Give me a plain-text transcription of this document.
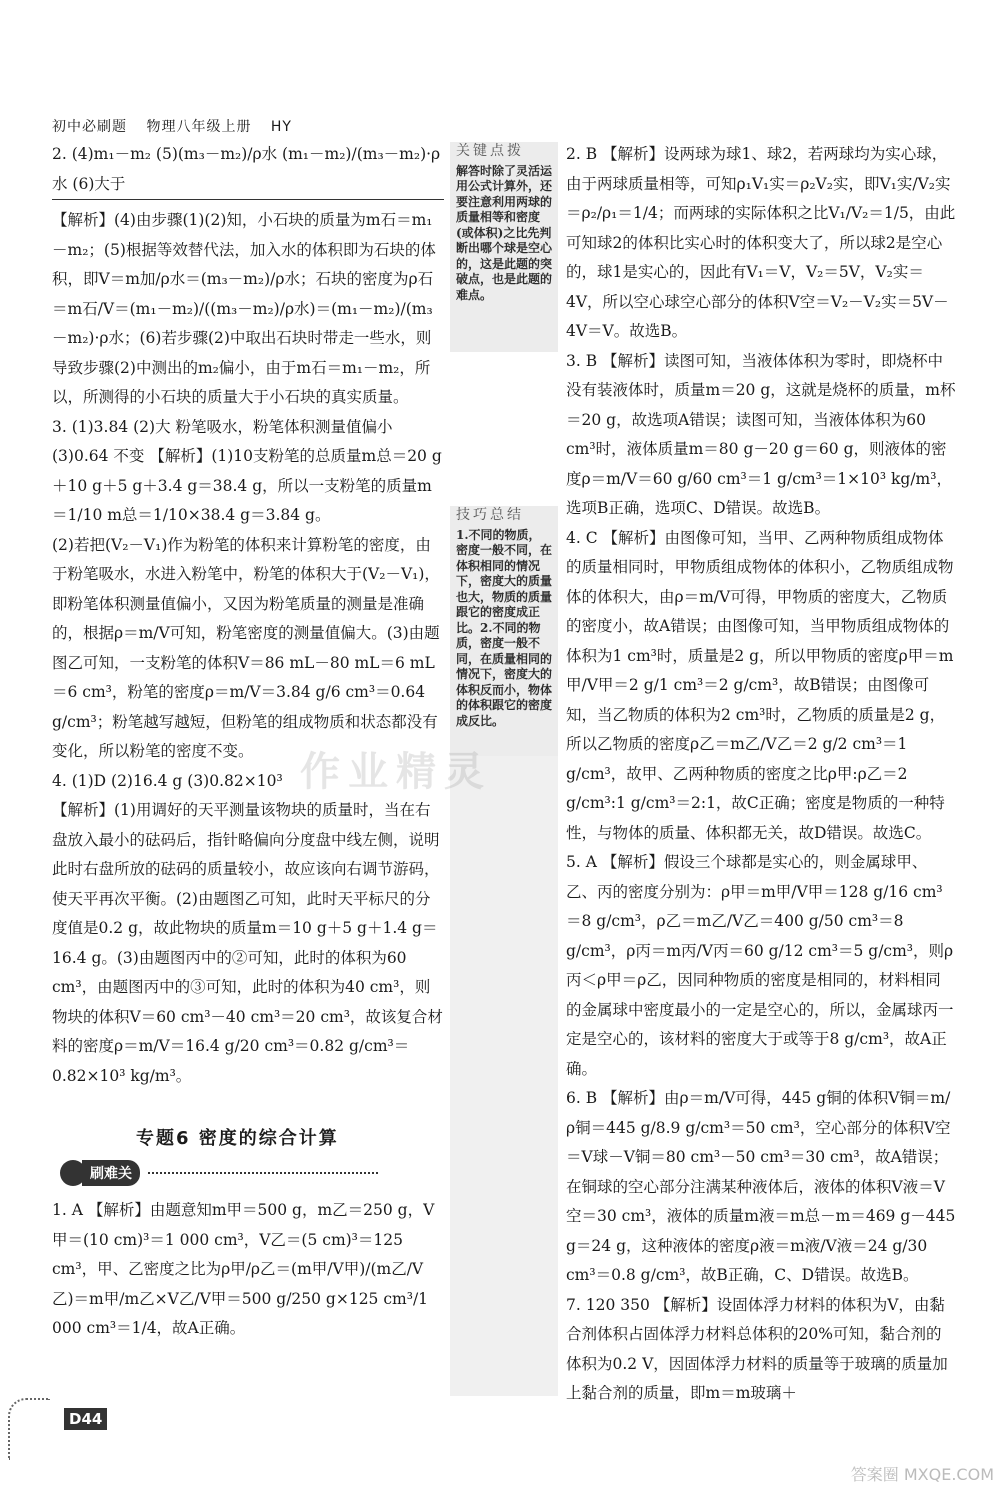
初中必刷题 物理八年级上册 HY

2. (4)m₁－m₂ (5)(m₃－m₂)/ρ水 (m₁－m₂)/(m₃－m₂)·ρ水 (6)大于

【解析】(4)由步骤(1)(2)知，小石块的质量为m石＝m₁－m₂；(5)根据等效替代法，加入水的体积即为石块的体积，即V＝m加/ρ水＝(m₃－m₂)/ρ水；石块的密度为ρ石＝m石/V＝(m₁－m₂)/((m₃－m₂)/ρ水)＝(m₁－m₂)/(m₃－m₂)·ρ水；(6)若步骤(2)中取出石块时带走一些水，则导致步骤(2)中测出的m₂偏小，由于m石＝m₁－m₂，所以，所测得的小石块的质量大于小石块的真实质量。

3. (1)3.84 (2)大 粉笔吸水，粉笔体积测量值偏小 (3)0.64 不变 【解析】(1)10支粉笔的总质量m总＝20 g＋10 g＋5 g＋3.4 g＝38.4 g，所以一支粉笔的质量m＝1/10 m总＝1/10×38.4 g＝3.84 g。

(2)若把(V₂－V₁)作为粉笔的体积来计算粉笔的密度，由于粉笔吸水，水进入粉笔中，粉笔的体积大于(V₂－V₁)，即粉笔体积测量值偏小，又因为粉笔质量的测量是准确的，根据ρ＝m/V可知，粉笔密度的测量值偏大。(3)由题图乙可知，一支粉笔的体积V＝86 mL－80 mL＝6 mL＝6 cm³，粉笔的密度ρ＝m/V＝3.84 g/6 cm³＝0.64 g/cm³；粉笔越写越短，但粉笔的组成物质和状态都没有变化，所以粉笔的密度不变。

4. (1)D (2)16.4 g (3)0.82×10³

【解析】(1)用调好的天平测量该物块的质量时，当在右盘放入最小的砝码后，指针略偏向分度盘中线左侧，说明此时右盘所放的砝码的质量较小，故应该向右调节游码，使天平再次平衡。(2)由题图乙可知，此时天平标尺的分度值是0.2 g，故此物块的质量m＝10 g＋5 g＋1.4 g＝16.4 g。(3)由题图丙中的②可知，此时的体积为60 cm³，由题图丙中的③可知，此时的体积为40 cm³，则物块的体积V＝60 cm³－40 cm³＝20 cm³，故该复合材料的密度ρ＝m/V＝16.4 g/20 cm³＝0.82 g/cm³＝0.82×10³ kg/m³。

专题6 密度的综合计算
刷难关

1. A 【解析】由题意知m甲＝500 g，m乙＝250 g，V甲＝(10 cm)³＝1 000 cm³，V乙＝(5 cm)³＝125 cm³，甲、乙密度之比为ρ甲/ρ乙＝(m甲/V甲)/(m乙/V乙)＝m甲/m乙×V乙/V甲＝500 g/250 g×125 cm³/1 000 cm³＝1/4，故A正确。

关键点拨
解答时除了灵活运用公式计算外，还要注意利用两球的质量相等和密度(或体积)之比先判断出哪个球是空心的，这是此题的突破点，也是此题的难点。
技巧总结
1.不同的物质，密度一般不同，在体积相同的情况下，密度大的质量也大，物质的质量跟它的密度成正比。2.不同的物质，密度一般不同，在质量相同的情况下，密度大的体积反而小，物体的体积跟它的密度成反比。

2. B 【解析】设两球为球1、球2，若两球均为实心球，由于两球质量相等，可知ρ₁V₁实＝ρ₂V₂实，即V₁实/V₂实＝ρ₂/ρ₁＝1/4；而两球的实际体积之比V₁/V₂＝1/5，由此可知球2的体积比实心时的体积变大了，所以球2是空心的，球1是实心的，因此有V₁＝V，V₂＝5V，V₂实＝4V，所以空心球空心部分的体积V空＝V₂－V₂实＝5V－4V＝V。故选B。

3. B 【解析】读图可知，当液体体积为零时，即烧杯中没有装液体时，质量m＝20 g，这就是烧杯的质量，m杯＝20 g，故选项A错误；读图可知，当液体体积为60 cm³时，液体质量m＝80 g－20 g＝60 g，则液体的密度ρ＝m/V＝60 g/60 cm³＝1 g/cm³＝1×10³ kg/m³，选项B正确，选项C、D错误。故选B。

4. C 【解析】由图像可知，当甲、乙两种物质组成物体的质量相同时，甲物质组成物体的体积小，乙物质组成物体的体积大，由ρ＝m/V可得，甲物质的密度大，乙物质的密度小，故A错误；由图像可知，当甲物质组成物体的体积为1 cm³时，质量是2 g，所以甲物质的密度ρ甲＝m甲/V甲＝2 g/1 cm³＝2 g/cm³，故B错误；由图像可知，当乙物质的体积为2 cm³时，乙物质的质量是2 g，所以乙物质的密度ρ乙＝m乙/V乙＝2 g/2 cm³＝1 g/cm³，故甲、乙两种物质的密度之比ρ甲:ρ乙＝2 g/cm³:1 g/cm³＝2:1，故C正确；密度是物质的一种特性，与物体的质量、体积都无关，故D错误。故选C。

5. A 【解析】假设三个球都是实心的，则金属球甲、乙、丙的密度分别为：ρ甲＝m甲/V甲＝128 g/16 cm³＝8 g/cm³，ρ乙＝m乙/V乙＝400 g/50 cm³＝8 g/cm³，ρ丙＝m丙/V丙＝60 g/12 cm³＝5 g/cm³，则ρ丙＜ρ甲＝ρ乙，因同种物质的密度是相同的，材料相同的金属球中密度最小的一定是空心的，所以，金属球丙一定是空心的，该材料的密度大于或等于8 g/cm³，故A正确。

6. B 【解析】由ρ＝m/V可得，445 g铜的体积V铜＝m/ρ铜＝445 g/8.9 g/cm³＝50 cm³，空心部分的体积V空＝V球－V铜＝80 cm³－50 cm³＝30 cm³，故A错误；在铜球的空心部分注满某种液体后，液体的体积V液＝V空＝30 cm³，液体的质量m液＝m总－m＝469 g－445 g＝24 g，这种液体的密度ρ液＝m液/V液＝24 g/30 cm³＝0.8 g/cm³，故B正确，C、D错误。故选B。

7. 120 350 【解析】设固体浮力材料的体积为V，由黏合剂体积占固体浮力材料总体积的20%可知，黏合剂的体积为0.2 V，因固体浮力材料的质量等于玻璃的质量加上黏合剂的质量，即m＝m玻璃＋

作业精灵
D44
答案圈 MXQE.COM
